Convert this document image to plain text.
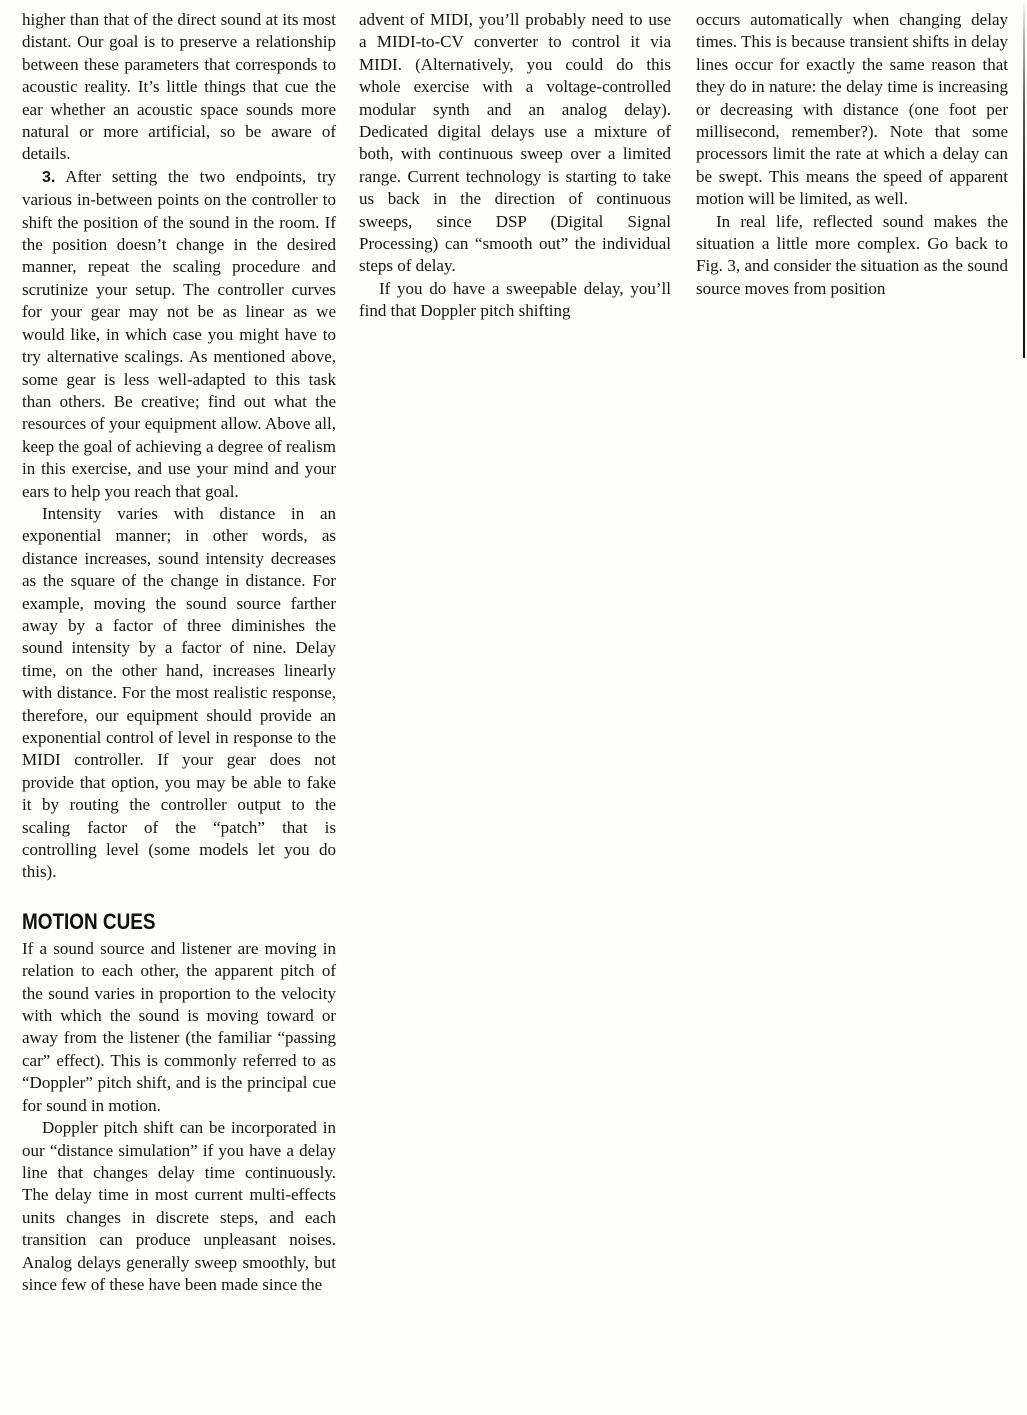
higher than that of the direct sound at its most distant. Our goal is to preserve a relationship between these parameters that corresponds to acoustic reality. It’s little things that cue the ear whether an acoustic space sounds more natural or more artificial, so be aware of details.

3. After setting the two endpoints, try various in-between points on the controller to shift the position of the sound in the room. If the position doesn’t change in the desired manner, repeat the scaling procedure and scrutinize your setup. The controller curves for your gear may not be as linear as we would like, in which case you might have to try alternative scalings. As mentioned above, some gear is less well-adapted to this task than others. Be creative; find out what the resources of your equipment allow. Above all, keep the goal of achieving a degree of realism in this exercise, and use your mind and your ears to help you reach that goal.

Intensity varies with distance in an exponential manner; in other words, as distance increases, sound intensity decreases as the square of the change in distance. For example, moving the sound source farther away by a factor of three diminishes the sound intensity by a factor of nine. Delay time, on the other hand, increases linearly with distance. For the most realistic response, therefore, our equipment should provide an exponential control of level in response to the MIDI controller. If your gear does not provide that option, you may be able to fake it by routing the controller output to the scaling factor of the “patch” that is controlling level (some models let you do this).

MOTION CUES

If a sound source and listener are moving in relation to each other, the apparent pitch of the sound varies in proportion to the velocity with which the sound is moving toward or away from the listener (the familiar “passing car” effect). This is commonly referred to as “Doppler” pitch shift, and is the principal cue for sound in motion.

Doppler pitch shift can be incorporated in our “distance simulation” if you have a delay line that changes delay time continuously. The delay time in most current multi-effects units changes in discrete steps, and each transition can produce unpleasant noises. Analog delays generally sweep smoothly, but since few of these have been made since the

advent of MIDI, you’ll probably need to use a MIDI-to-CV converter to control it via MIDI. (Alternatively, you could do this whole exercise with a voltage-controlled modular synth and an analog delay). Dedicated digital delays use a mixture of both, with continuous sweep over a limited range. Current technology is starting to take us back in the direction of continuous sweeps, since DSP (Digital Signal Processing) can “smooth out” the individual steps of delay.

If you do have a sweepable delay, you’ll find that Doppler pitch shifting

occurs automatically when changing delay times. This is because transient shifts in delay lines occur for exactly the same reason that they do in nature: the delay time is increasing or decreasing with distance (one foot per millisecond, remember?). Note that some processors limit the rate at which a delay can be swept. This means the speed of apparent motion will be limited, as well.

In real life, reflected sound makes the situation a little more complex. Go back to Fig. 3, and consider the situation as the sound source moves from position
